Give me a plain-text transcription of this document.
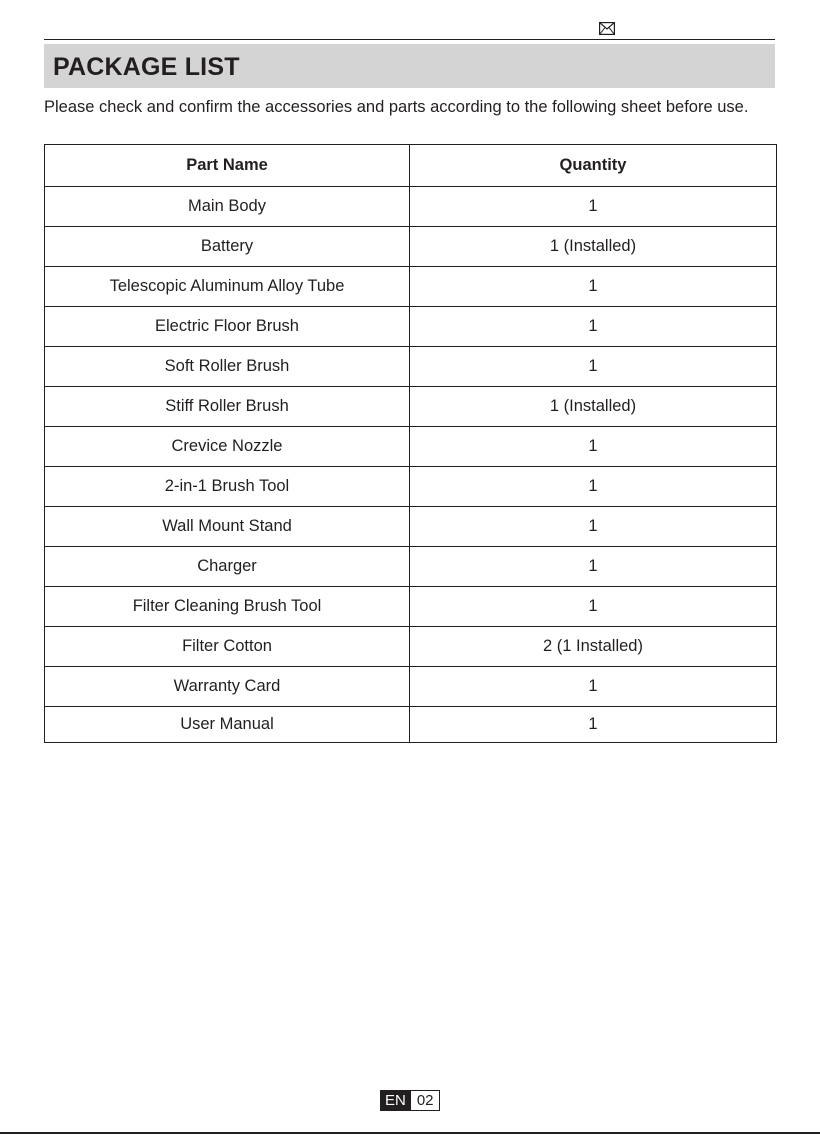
PACKAGE LIST

Please check and confirm the accessories and parts according to the following sheet before use.

Part Name	Quantity
Main Body	1
Battery	1 (Installed)
Telescopic Aluminum Alloy Tube	1
Electric Floor Brush	1
Soft Roller Brush	1
Stiff Roller Brush	1 (Installed)
Crevice Nozzle	1
2-in-1 Brush Tool	1
Wall Mount Stand	1
Charger	1
Filter Cleaning Brush Tool	1
Filter Cotton	2 (1 Installed)
Warranty Card	1
User Manual	1
EN 02
